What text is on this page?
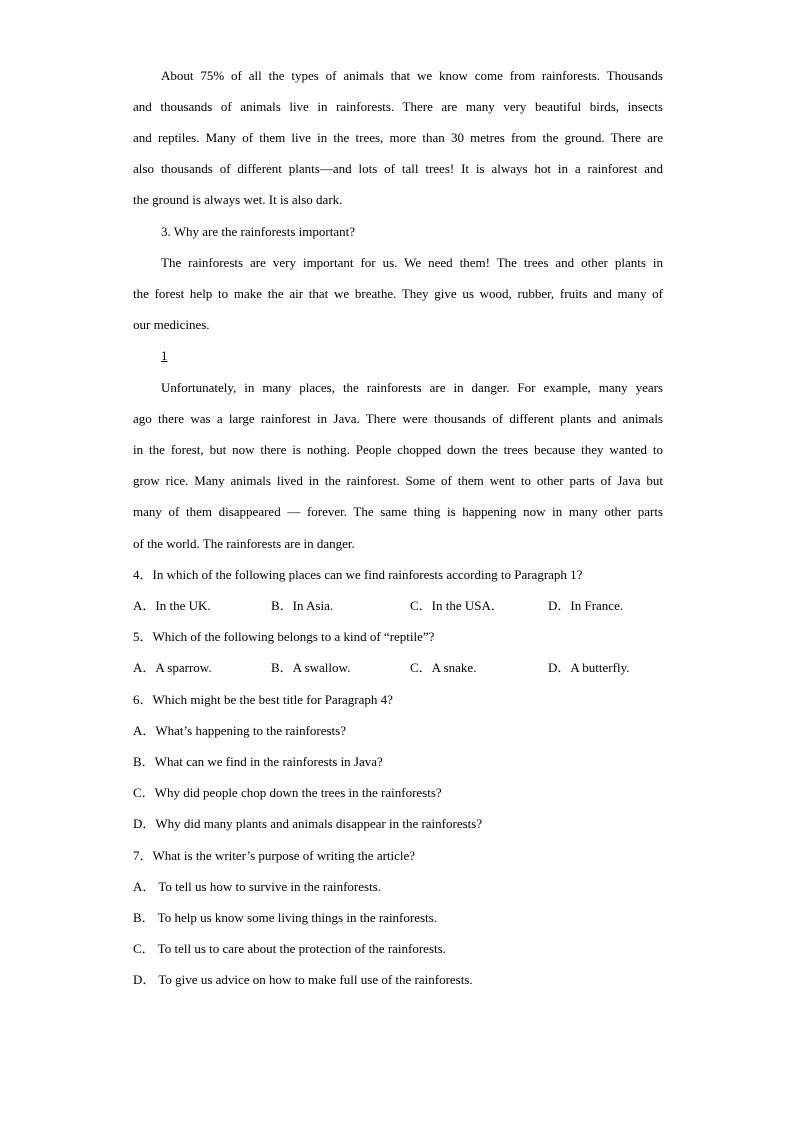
About 75% of all the types of animals that we know come from rainforests. Thousands
and thousands of animals live in rainforests. There are many very beautiful birds, insects
and reptiles. Many of them live in the trees, more than 30 metres from the ground. There are
also thousands of different plants—and lots of tall trees! It is always hot in a rainforest and
the ground is always wet. It is also dark.
3. Why are the rainforests important?
The rainforests are very important for us. We need them! The trees and other plants in
the forest help to make the air that we breathe. They give us wood, rubber, fruits and many of
our medicines.
1
Unfortunately, in many places, the rainforests are in danger. For example, many years
ago there was a large rainforest in Java. There were thousands of different plants and animals
in the forest, but now there is nothing. People chopped down the trees because they wanted to
grow rice. Many animals lived in the rainforest. Some of them went to other parts of Java but
many of them disappeared — forever. The same thing is happening now in many other parts
of the world. The rainforests are in danger.
4．In which of the following places can we find rainforests according to Paragraph 1?
A．In the UK.	B．In Asia.	C．In the USA．	D．In France.
5．Which of the following belongs to a kind of “reptile”?
A．A sparrow.	B．A swallow.	C．A snake.	D．A butterfly.
6．Which might be the best title for Paragraph 4?
A．What’s happening to the rainforests?
B．What can we find in the rainforests in Java?
C．Why did people chop down the trees in the rainforests?
D．Why did many plants and animals disappear in the rainforests?
7．What is the writer’s purpose of writing the article?
A． To tell us how to survive in the rainforests.
B． To help us know some living things in the rainforests.
C． To tell us to care about the protection of the rainforests.
D． To give us advice on how to make full use of the rainforests.
